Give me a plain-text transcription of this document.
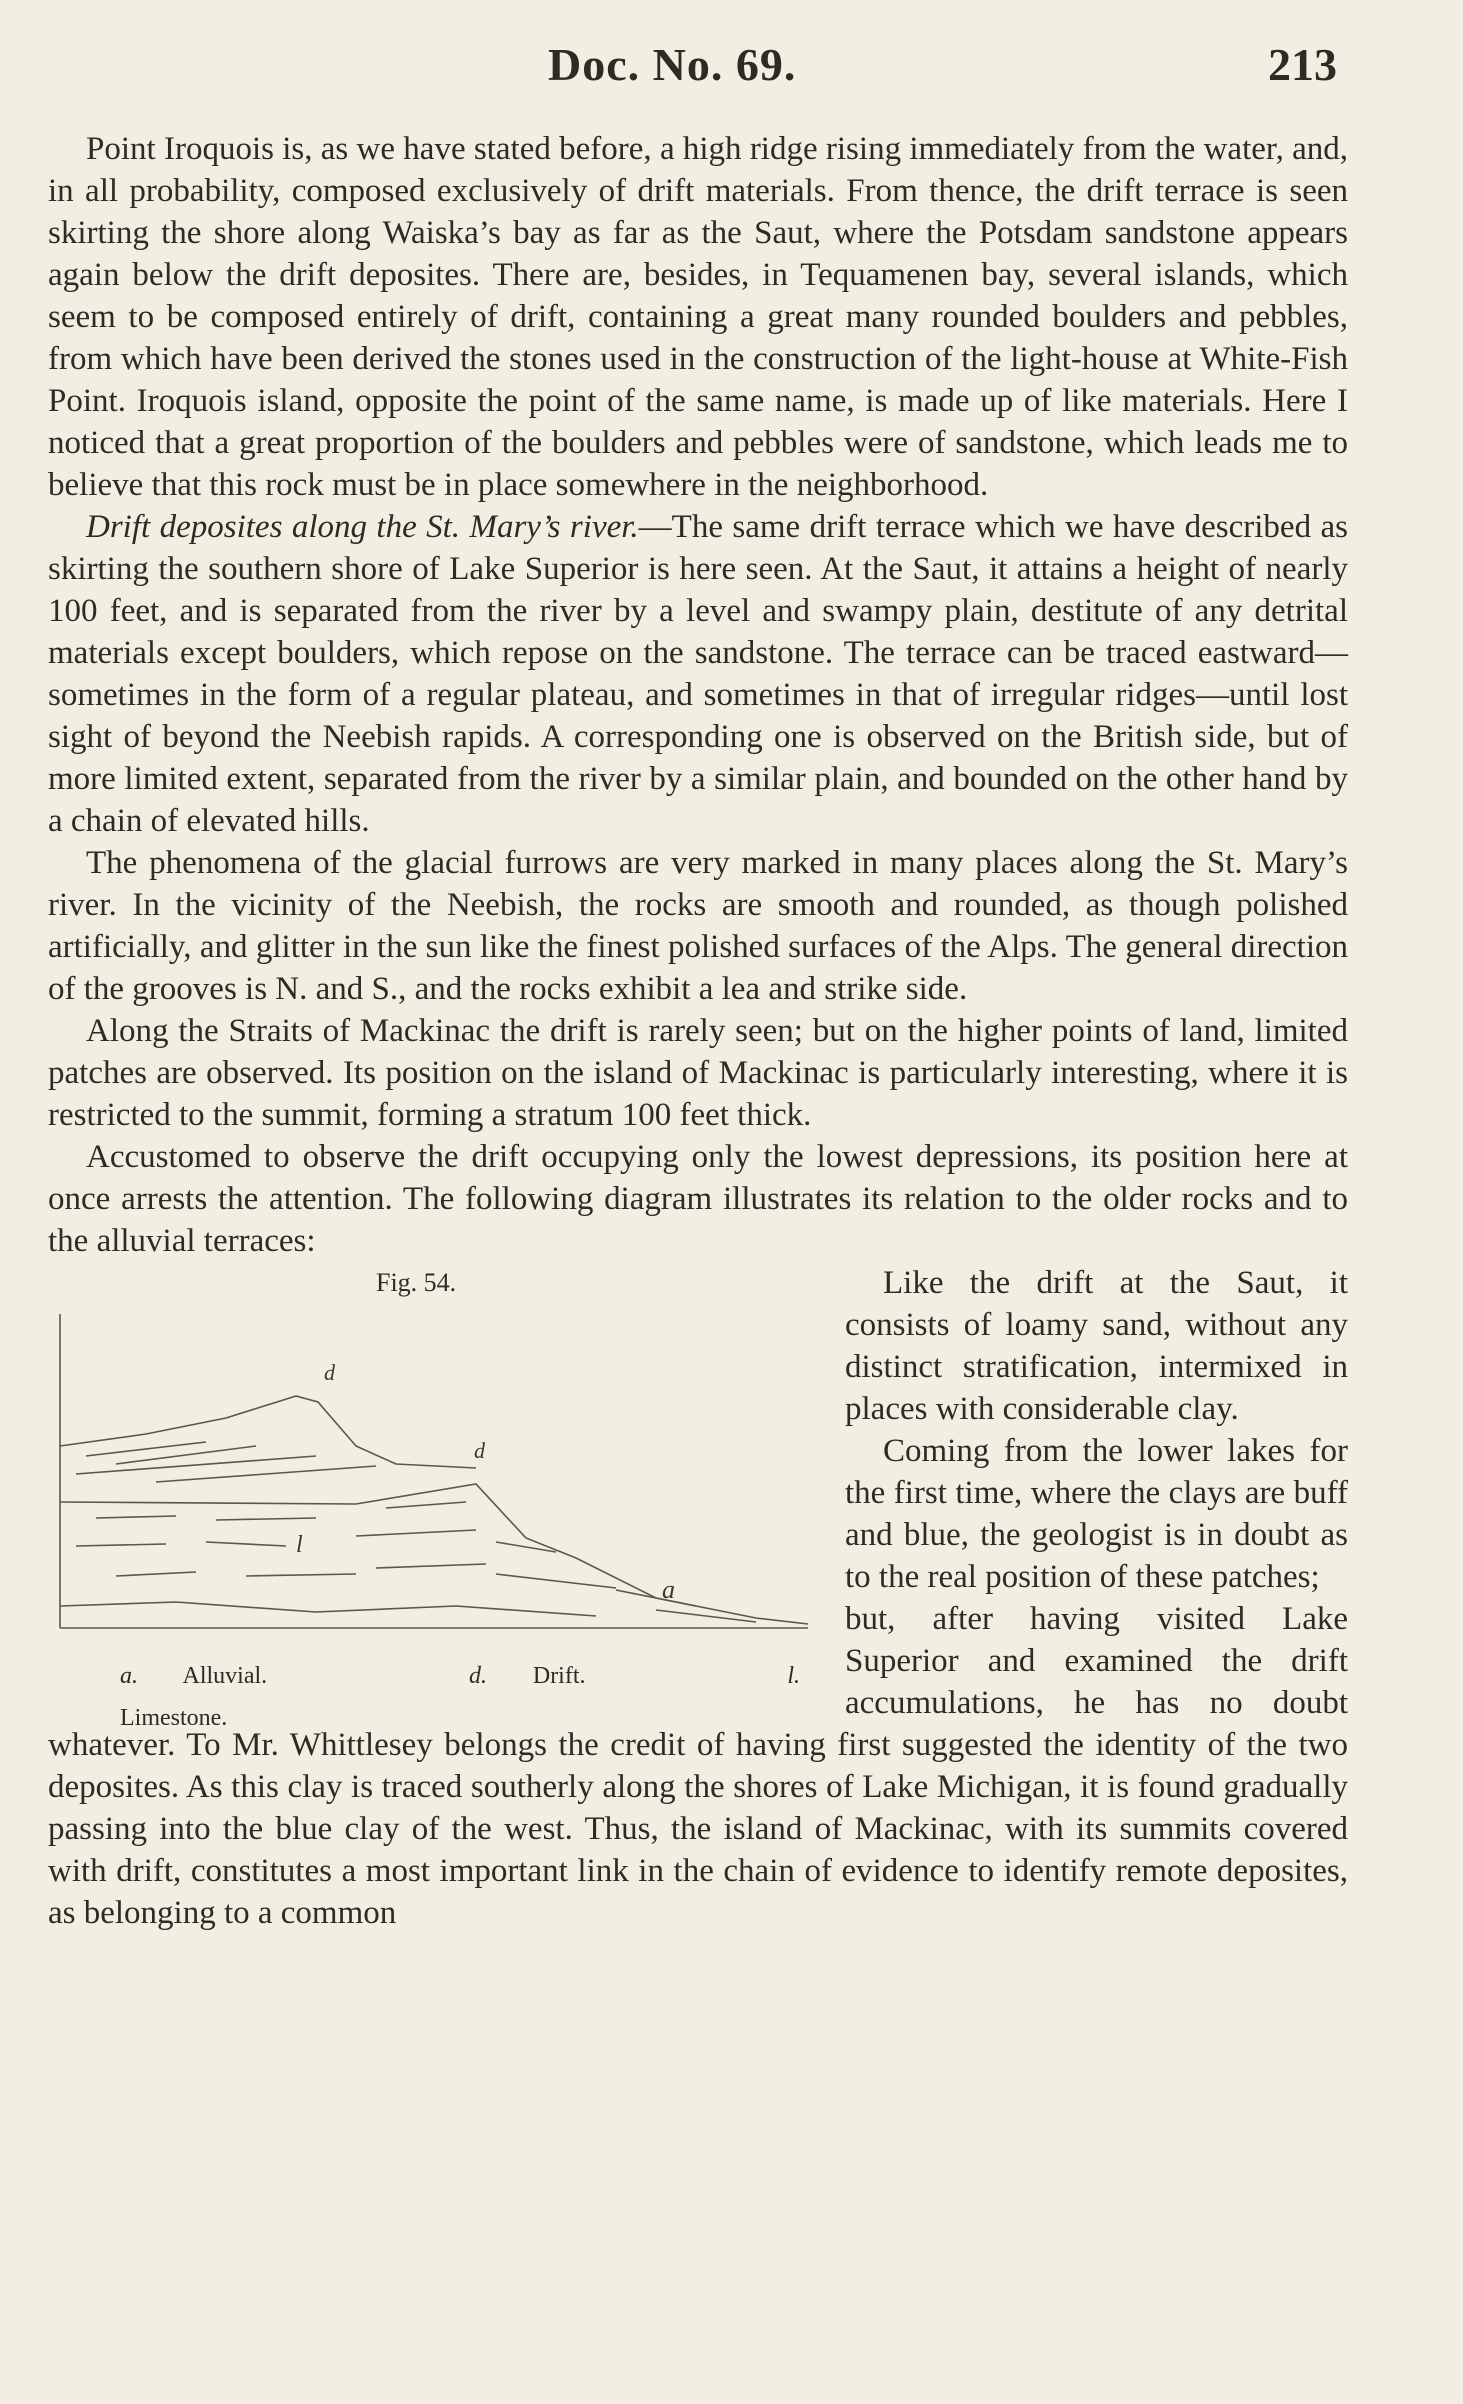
Doc. No. 69.	213

Point Iroquois is, as we have stated before, a high ridge rising immediately from the water, and, in all probability, composed exclusively of drift materials. From thence, the drift terrace is seen skirting the shore along Waiska’s bay as far as the Saut, where the Potsdam sandstone appears again below the drift deposites. There are, besides, in Tequamenen bay, several islands, which seem to be composed entirely of drift, containing a great many rounded boulders and pebbles, from which have been derived the stones used in the construction of the light-house at White-Fish Point. Iroquois island, opposite the point of the same name, is made up of like materials. Here I noticed that a great proportion of the boulders and pebbles were of sandstone, which leads me to believe that this rock must be in place somewhere in the neighborhood.

Drift deposites along the St. Mary’s river.—The same drift terrace which we have described as skirting the southern shore of Lake Superior is here seen. At the Saut, it attains a height of nearly 100 feet, and is separated from the river by a level and swampy plain, destitute of any detrital materials except boulders, which repose on the sandstone. The terrace can be traced eastward—sometimes in the form of a regular plateau, and sometimes in that of irregular ridges—until lost sight of beyond the Neebish rapids. A corresponding one is observed on the British side, but of more limited extent, separated from the river by a similar plain, and bounded on the other hand by a chain of elevated hills.

The phenomena of the glacial furrows are very marked in many places along the St. Mary’s river. In the vicinity of the Neebish, the rocks are smooth and rounded, as though polished artificially, and glitter in the sun like the finest polished surfaces of the Alps. The general direction of the grooves is N. and S., and the rocks exhibit a lea and strike side.

Along the Straits of Mackinac the drift is rarely seen; but on the higher points of land, limited patches are observed. Its position on the island of Mackinac is particularly interesting, where it is restricted to the summit, forming a stratum 100 feet thick.

Accustomed to observe the drift occupying only the lowest depressions, its position here at once arrests the attention. The following diagram illustrates its relation to the older rocks and to the alluvial terraces:

Fig. 54.
d
d
l
a
a. Alluvial.	d. Drift.	l. Limestone.

Like the drift at the Saut, it consists of loamy sand, without any distinct stratification, intermixed in places with considerable clay.

Coming from the lower lakes for the first time, where the clays are buff and blue, the geologist is in doubt as to the real position of these patches;

but, after having visited Lake Superior and examined the drift accumulations, he has no doubt whatever. To Mr. Whittlesey belongs the credit of having first suggested the identity of the two deposites. As this clay is traced southerly along the shores of Lake Michigan, it is found gradually passing into the blue clay of the west. Thus, the island of Mackinac, with its summits covered with drift, constitutes a most important link in the chain of evidence to identify remote deposites, as belonging to a common
